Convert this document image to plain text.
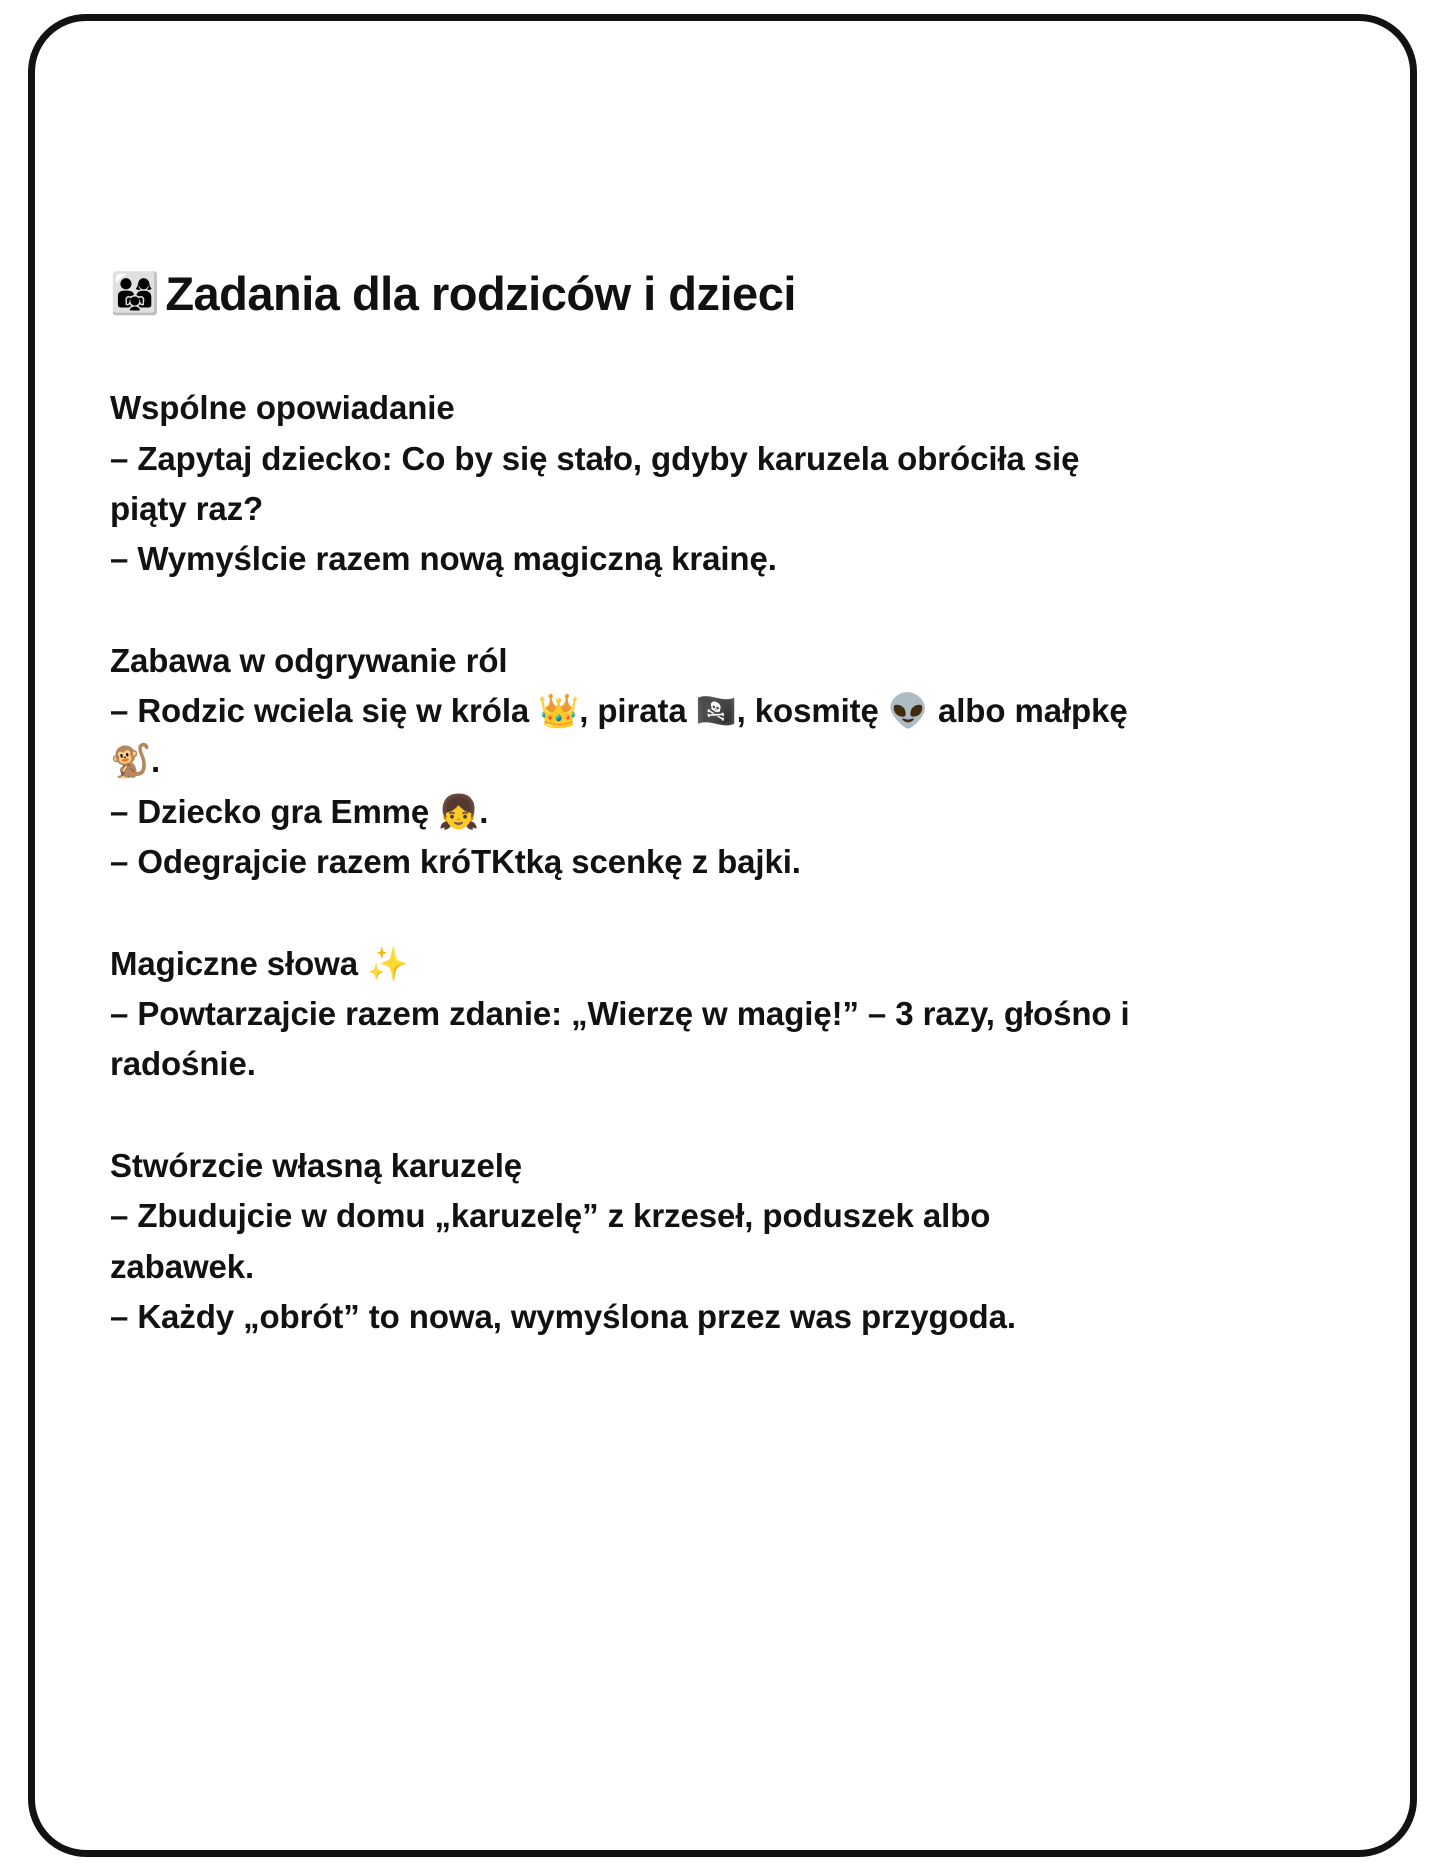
👨‍👩‍👧 Zadania dla rodziców i dzieci

Wspólne opowiadanie

– Zapytaj dziecko: Co by się stało, gdyby karuzela obróciła się piąty raz?

– Wymyślcie razem nową magiczną krainę.

Zabawa w odgrywanie ról

– Rodzic wciela się w króla 👑, pirata 🏴‍☠️, kosmitę 👽 albo małpkę 🐒.

– Dziecko gra Emmę 👧.

– Odegrajcie razem króTKtką scenkę z bajki.

Magiczne słowa ✨

– Powtarzajcie razem zdanie: „Wierzę w magię!” – 3 razy, głośno i radośnie.

Stwórzcie własną karuzelę

– Zbudujcie w domu „karuzelę” z krzeseł, poduszek albo zabawek.

– Każdy „obrót” to nowa, wymyślona przez was przygoda.
